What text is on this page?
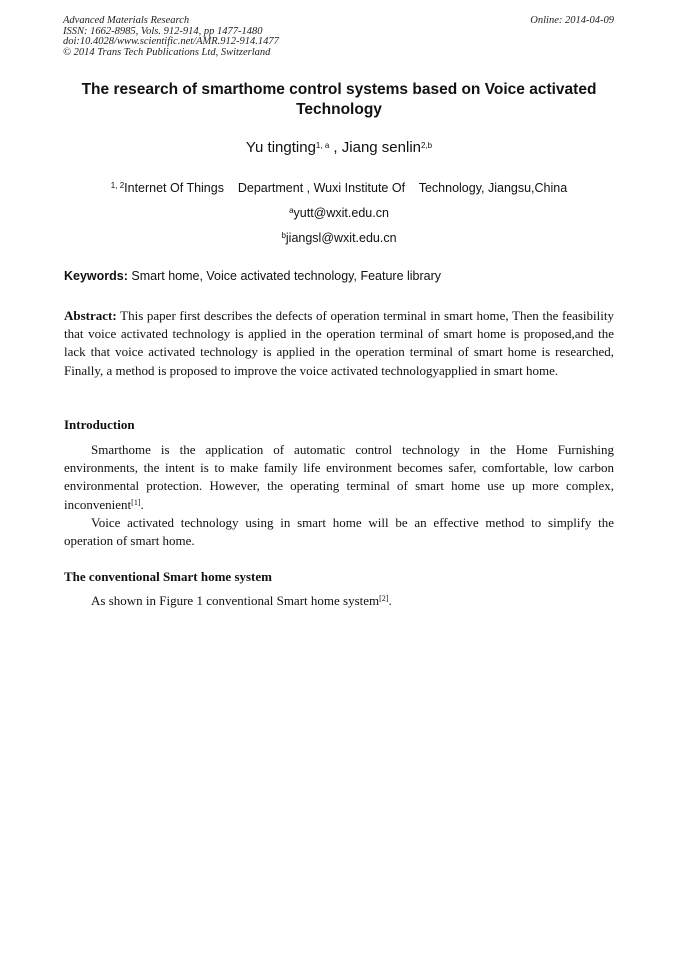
Advanced Materials Research
ISSN: 1662-8985, Vols. 912-914, pp 1477-1480
doi:10.4028/www.scientific.net/AMR.912-914.1477
© 2014 Trans Tech Publications Ltd, Switzerland
Online: 2014-04-09
The research of smarthome control systems based on Voice activated Technology
Yu tingting$^{1, a}$ , Jiang senlin$^{2,b}$
$^{1, 2}$Internet Of Things    Department , Wuxi Institute Of    Technology, Jiangsu,China
$^a$yutt@wxit.edu.cn
$^b$jiangsl@wxit.edu.cn
Keywords: Smart home, Voice activated technology, Feature library
Abstract: This paper first describes the defects of operation terminal in smart home, Then the feasibility that voice activated technology is applied in the operation terminal of smart home is proposed,and the lack that voice activated technology is applied in the operation terminal of smart home is researched, Finally, a method is proposed to improve the voice activated technologyapplied in smart home.
Introduction

Smarthome is the application of automatic control technology in the Home Furnishing environments, the intent is to make family life environment becomes safer, comfortable, low carbon environmental protection. However, the operating terminal of smart home use up more complex, inconvenient[1].

Voice activated technology using in smart home will be an effective method to simplify the operation of smart home.

The conventional Smart home system

As shown in Figure 1 conventional Smart home system[2].
